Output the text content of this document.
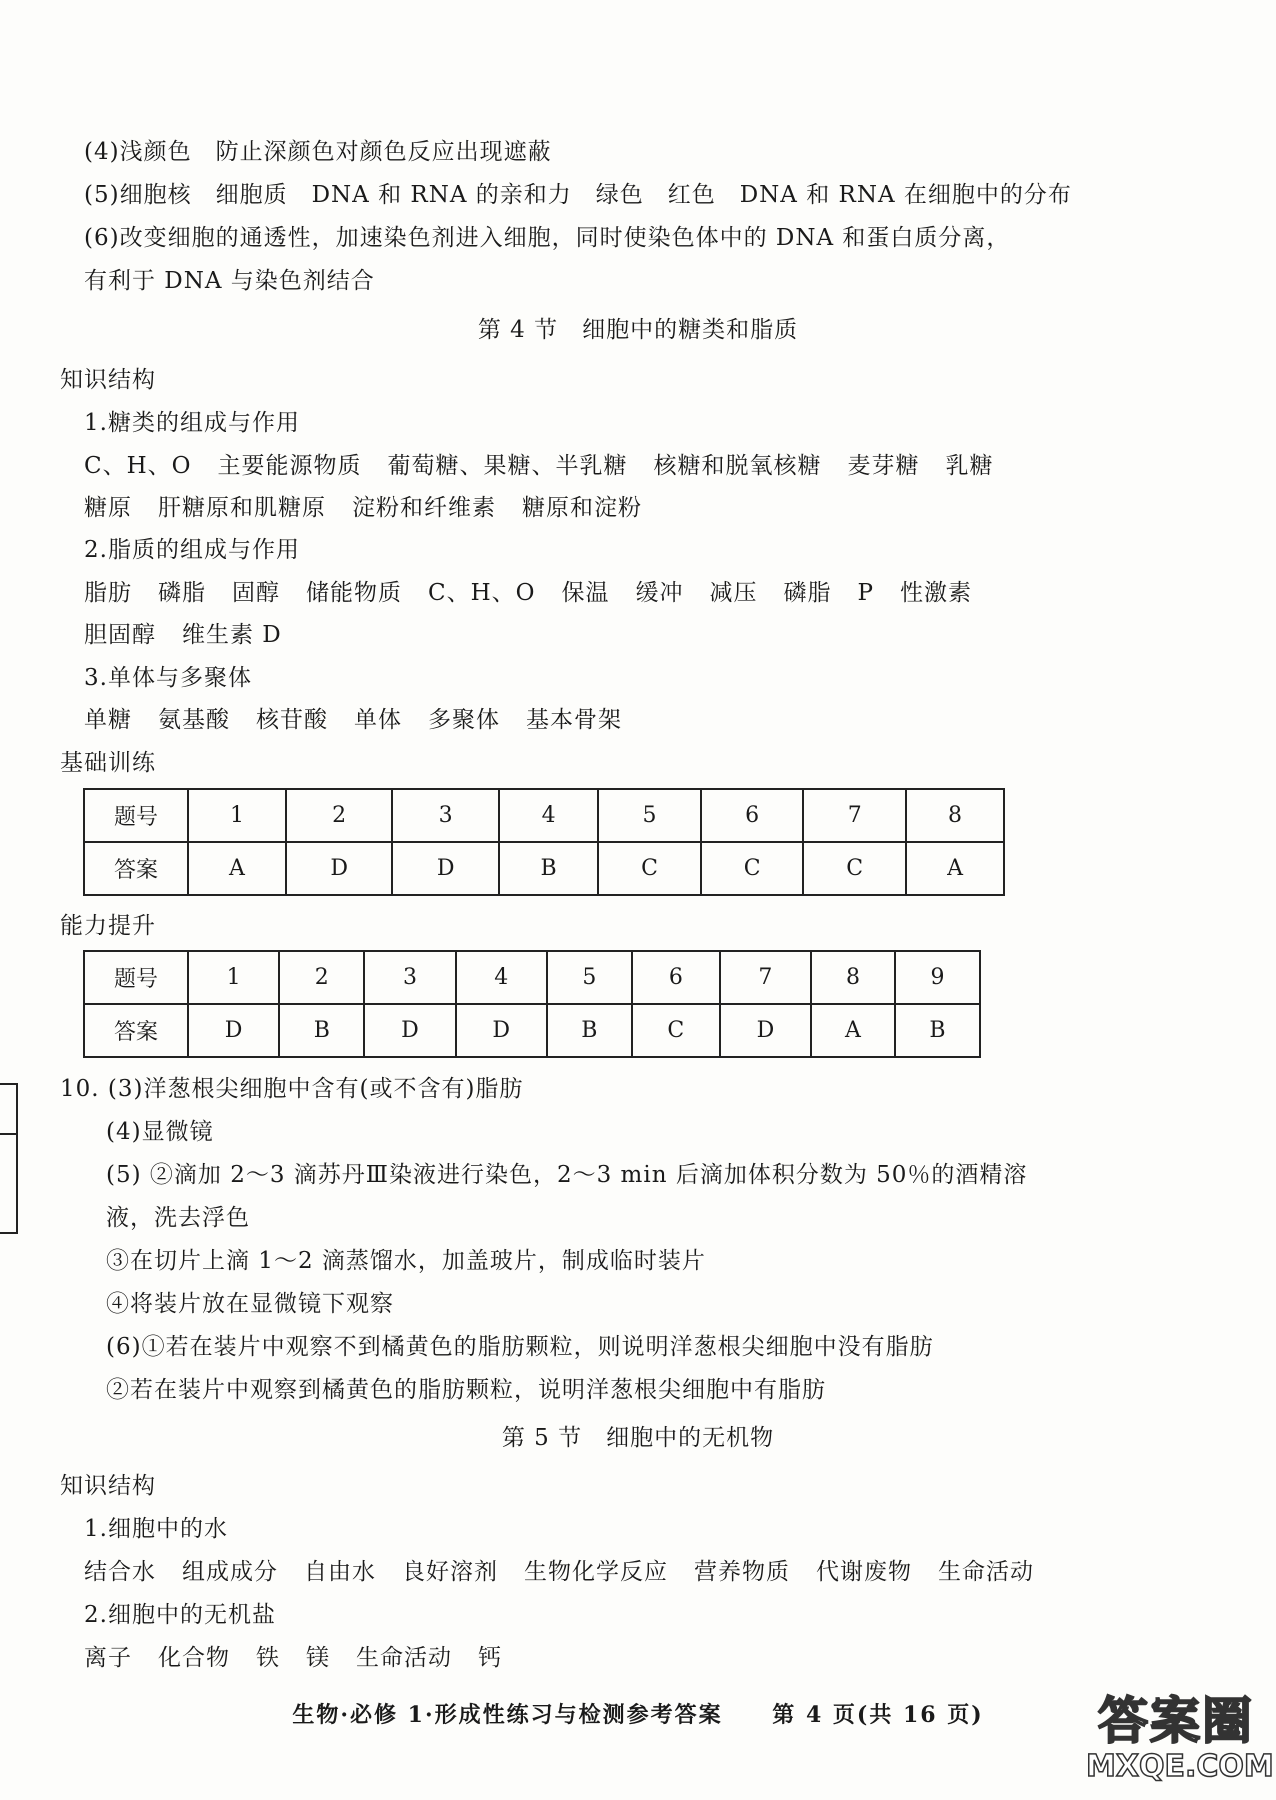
(4)浅颜色　防止深颜色对颜色反应出现遮蔽
(5)细胞核　细胞质　DNA 和 RNA 的亲和力　绿色　红色　DNA 和 RNA 在细胞中的分布
(6)改变细胞的通透性，加速染色剂进入细胞，同时使染色体中的 DNA 和蛋白质分离，
有利于 DNA 与染色剂结合
第 4 节　细胞中的糖类和脂质
知识结构
1.糖类的组成与作用
C、H、O 主要能源物质 葡萄糖、果糖、半乳糖 核糖和脱氧核糖 麦芽糖 乳糖
糖原 肝糖原和肌糖原 淀粉和纤维素 糖原和淀粉
2.脂质的组成与作用
脂肪 磷脂 固醇 储能物质 C、H、O 保温 缓冲 减压 磷脂 P 性激素
胆固醇 维生素 D
3.单体与多聚体
单糖 氨基酸 核苷酸 单体 多聚体 基本骨架
基础训练
题号	1	2	3	4	5	6	7	8
答案	A	D	D	B	C	C	C	A
能力提升
题号	1	2	3	4	5	6	7	8	9
答案	D	B	D	D	B	C	D	A	B
10. (3)洋葱根尖细胞中含有(或不含有)脂肪
(4)显微镜
(5) ②滴加 2～3 滴苏丹Ⅲ染液进行染色，2～3 min 后滴加体积分数为 50％的酒精溶
液，洗去浮色
③在切片上滴 1～2 滴蒸馏水，加盖玻片，制成临时装片
④将装片放在显微镜下观察
(6)①若在装片中观察不到橘黄色的脂肪颗粒，则说明洋葱根尖细胞中没有脂肪
②若在装片中观察到橘黄色的脂肪颗粒，说明洋葱根尖细胞中有脂肪
第 5 节　细胞中的无机物
知识结构
1.细胞中的水
结合水 组成成分 自由水 良好溶剂 生物化学反应 营养物质 代谢废物 生命活动
2.细胞中的无机盐
离子 化合物 铁 镁 生命活动 钙
生物·必修 1·形成性练习与检测参考答案 第 4 页(共 16 页)	答案圈
MXQE.COM
